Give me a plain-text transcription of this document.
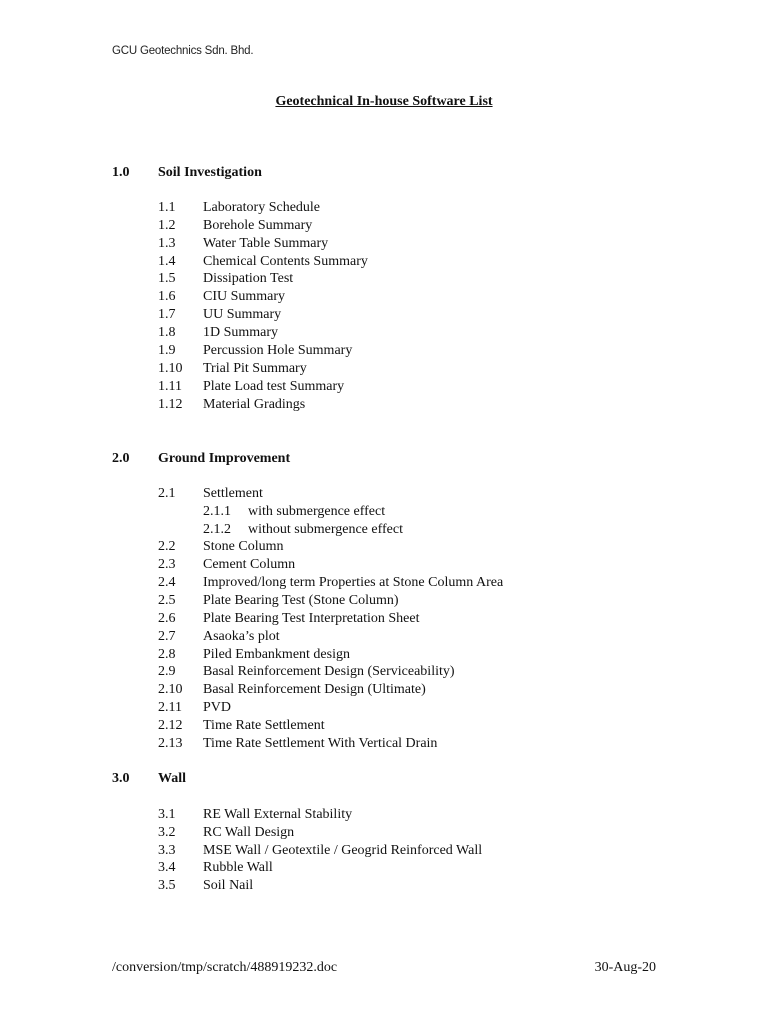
GCU Geotechnics Sdn. Bhd.
Geotechnical In-house Software List
1.0 Soil Investigation
1.1 Laboratory Schedule
1.2 Borehole Summary
1.3 Water Table Summary
1.4 Chemical Contents Summary
1.5 Dissipation Test
1.6 CIU Summary
1.7 UU Summary
1.8 1D Summary
1.9 Percussion Hole Summary
1.10 Trial Pit Summary
1.11 Plate Load test Summary
1.12 Material Gradings
2.0 Ground Improvement
2.1 Settlement
2.1.1 with submergence effect
2.1.2 without submergence effect
2.2 Stone Column
2.3 Cement Column
2.4 Improved/long term Properties at Stone Column Area
2.5 Plate Bearing Test (Stone Column)
2.6 Plate Bearing Test Interpretation Sheet
2.7 Asaoka’s plot
2.8 Piled Embankment design
2.9 Basal Reinforcement Design (Serviceability)
2.10 Basal Reinforcement Design (Ultimate)
2.11 PVD
2.12 Time Rate Settlement
2.13 Time Rate Settlement With Vertical Drain
3.0 Wall
3.1 RE Wall External Stability
3.2 RC Wall Design
3.3 MSE Wall / Geotextile / Geogrid Reinforced Wall
3.4 Rubble Wall
3.5 Soil Nail
/conversion/tmp/scratch/488919232.doc	30-Aug-20
